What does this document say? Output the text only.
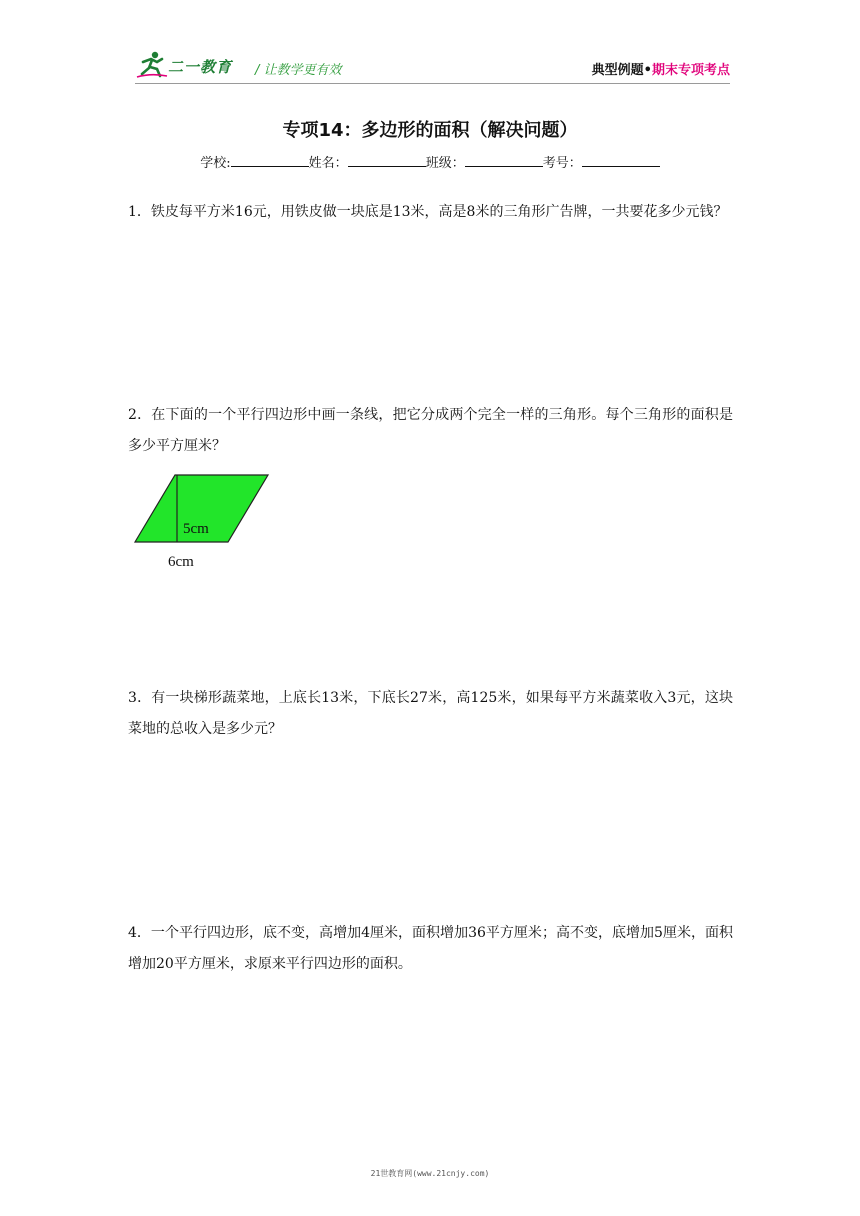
二一教育 / 让教学更有效	典型例题•期末专项考点
专项14：多边形的面积（解决问题）
学校:	姓名：	班级：	考号：
1．铁皮每平方米16元，用铁皮做一块底是13米，高是8米的三角形广告牌，一共要花多少元钱？
2．在下面的一个平行四边形中画一条线，把它分成两个完全一样的三角形。每个三角形的面积是多少平方厘米？
5cm
6cm
3．有一块梯形蔬菜地，上底长13米，下底长27米，高125米，如果每平方米蔬菜收入3元，这块菜地的总收入是多少元？
4．一个平行四边形，底不变，高增加4厘米，面积增加36平方厘米；高不变，底增加5厘米，面积增加20平方厘米，求原来平行四边形的面积。
21世教育网(www.21cnjy.com)
